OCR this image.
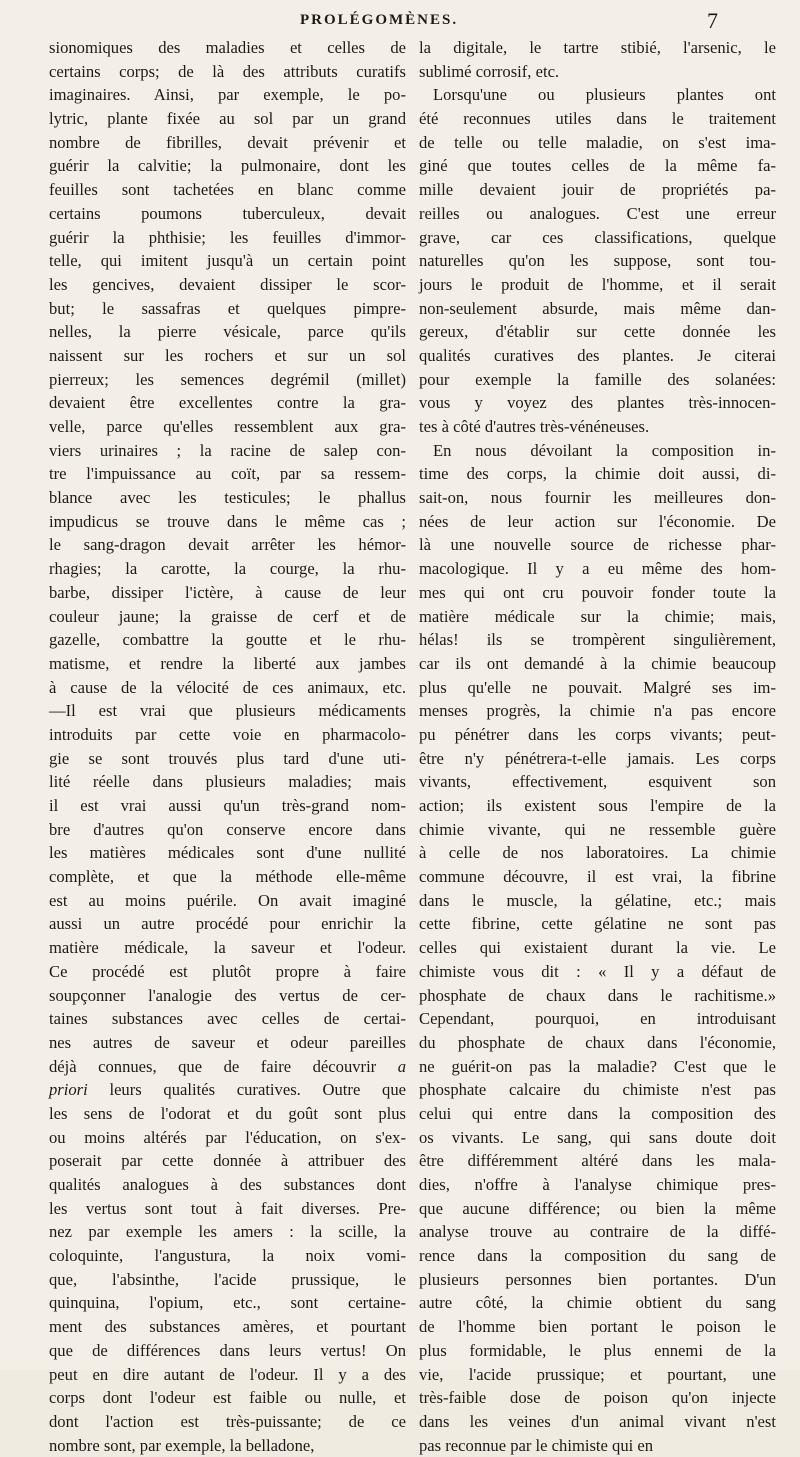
PROLÉGOMÈNES.	7
sionomiques des maladies et celles de
certains corps; de là des attributs curatifs
imaginaires. Ainsi, par exemple, le po-
lytric, plante fixée au sol par un grand
nombre de fibrilles, devait prévenir et
guérir la calvitie; la pulmonaire, dont les
feuilles sont tachetées en blanc comme
certains poumons tuberculeux, devait
guérir la phthisie; les feuilles d'immor-
telle, qui imitent jusqu'à un certain point
les gencives, devaient dissiper le scor-
but; le sassafras et quelques pimpre-
nelles, la pierre vésicale, parce qu'ils
naissent sur les rochers et sur un sol
pierreux; les semences degrémil (millet)
devaient être excellentes contre la gra-
velle, parce qu'elles ressemblent aux gra-
viers urinaires ; la racine de salep con-
tre l'impuissance au coït, par sa ressem-
blance avec les testicules; le phallus
impudicus se trouve dans le même cas ;
le sang-dragon devait arrêter les hémor-
rhagies; la carotte, la courge, la rhu-
barbe, dissiper l'ictère, à cause de leur
couleur jaune; la graisse de cerf et de
gazelle, combattre la goutte et le rhu-
matisme, et rendre la liberté aux jambes
à cause de la vélocité de ces animaux, etc.
—Il est vrai que plusieurs médicaments
introduits par cette voie en pharmacolo-
gie se sont trouvés plus tard d'une uti-
lité réelle dans plusieurs maladies; mais
il est vrai aussi qu'un très-grand nom-
bre d'autres qu'on conserve encore dans
les matières médicales sont d'une nullité
complète, et que la méthode elle-même
est au moins puérile. On avait imaginé
aussi un autre procédé pour enrichir la
matière médicale, la saveur et l'odeur.
Ce procédé est plutôt propre à faire
soupçonner l'analogie des vertus de cer-
taines substances avec celles de certai-
nes autres de saveur et odeur pareilles
déjà connues, que de faire découvrir a
priori leurs qualités curatives. Outre que
les sens de l'odorat et du goût sont plus
ou moins altérés par l'éducation, on s'ex-
poserait par cette donnée à attribuer des
qualités analogues à des substances dont
les vertus sont tout à fait diverses. Pre-
nez par exemple les amers : la scille, la
coloquinte, l'angustura, la noix vomi-
que, l'absinthe, l'acide prussique, le
quinquina, l'opium, etc., sont certaine-
ment des substances amères, et pourtant
que de différences dans leurs vertus! On
peut en dire autant de l'odeur. Il y a des
corps dont l'odeur est faible ou nulle, et
dont l'action est très-puissante; de ce
nombre sont, par exemple, la belladone,
la digitale, le tartre stibié, l'arsenic, le
sublimé corrosif, etc.
Lorsqu'une ou plusieurs plantes ont
été reconnues utiles dans le traitement
de telle ou telle maladie, on s'est ima-
giné que toutes celles de la même fa-
mille devaient jouir de propriétés pa-
reilles ou analogues. C'est une erreur
grave, car ces classifications, quelque
naturelles qu'on les suppose, sont tou-
jours le produit de l'homme, et il serait
non-seulement absurde, mais même dan-
gereux, d'établir sur cette donnée les
qualités curatives des plantes. Je citerai
pour exemple la famille des solanées:
vous y voyez des plantes très-innocen-
tes à côté d'autres très-vénéneuses.
En nous dévoilant la composition in-
time des corps, la chimie doit aussi, di-
sait-on, nous fournir les meilleures don-
nées de leur action sur l'économie. De
là une nouvelle source de richesse phar-
macologique. Il y a eu même des hom-
mes qui ont cru pouvoir fonder toute la
matière médicale sur la chimie; mais,
hélas! ils se trompèrent singulièrement,
car ils ont demandé à la chimie beaucoup
plus qu'elle ne pouvait. Malgré ses im-
menses progrès, la chimie n'a pas encore
pu pénétrer dans les corps vivants; peut-
être n'y pénétrera-t-elle jamais. Les corps
vivants, effectivement, esquivent son
action; ils existent sous l'empire de la
chimie vivante, qui ne ressemble guère
à celle de nos laboratoires. La chimie
commune découvre, il est vrai, la fibrine
dans le muscle, la gélatine, etc.; mais
cette fibrine, cette gélatine ne sont pas
celles qui existaient durant la vie. Le
chimiste vous dit : « Il y a défaut de
phosphate de chaux dans le rachitisme.»
Cependant, pourquoi, en introduisant
du phosphate de chaux dans l'économie,
ne guérit-on pas la maladie? C'est que le
phosphate calcaire du chimiste n'est pas
celui qui entre dans la composition des
os vivants. Le sang, qui sans doute doit
être différemment altéré dans les mala-
dies, n'offre à l'analyse chimique pres-
que aucune différence; ou bien la même
analyse trouve au contraire de la diffé-
rence dans la composition du sang de
plusieurs personnes bien portantes. D'un
autre côté, la chimie obtient du sang
de l'homme bien portant le poison le
plus formidable, le plus ennemi de la
vie, l'acide prussique; et pourtant, une
très-faible dose de poison qu'on injecte
dans les veines d'un animal vivant n'est
pas reconnue par le chimiste qui en
